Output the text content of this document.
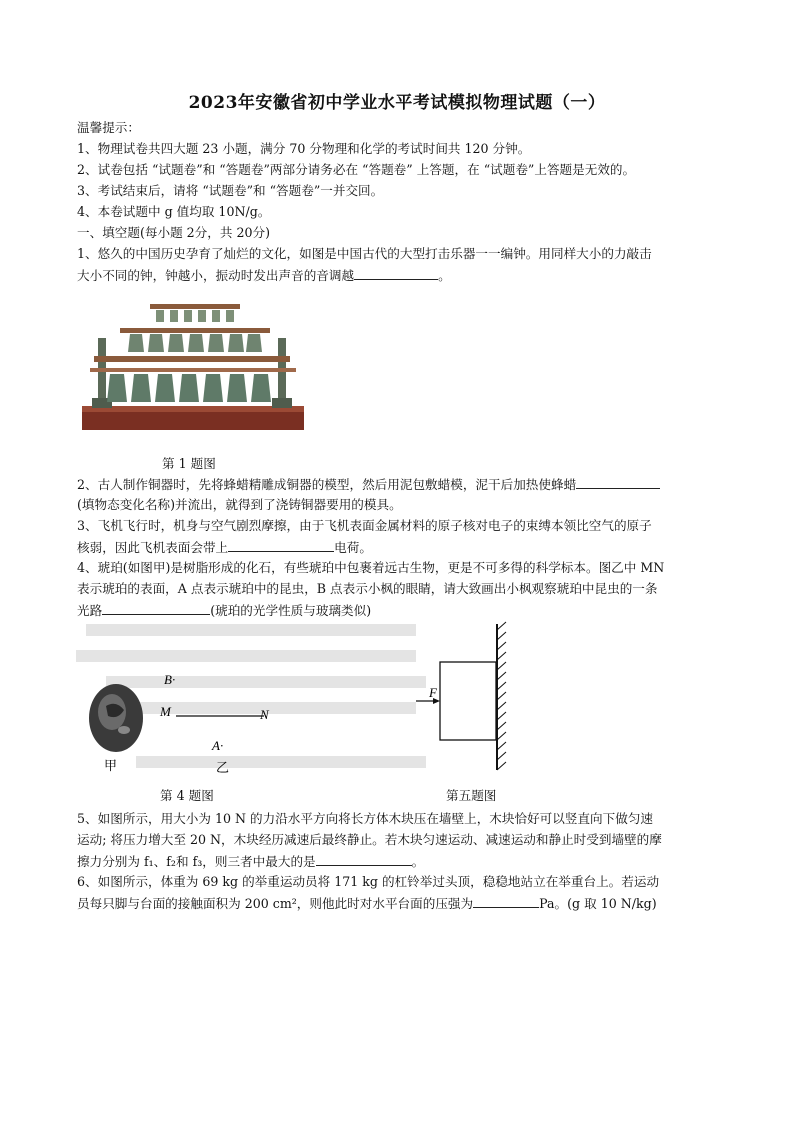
2023年安徽省初中学业水平考试模拟物理试题（一）
温馨提示：
1、物理试卷共四大题 23 小题，满分 70 分物理和化学的考试时间共 120 分钟。
2、试卷包括 “试题卷”和 “答题卷”两部分请务必在 “答题卷” 上答题，在 “试题卷”上答题是无效的。
3、考试结束后，请将 “试题卷”和 “答题卷”一并交回。
4、本卷试题中 g 值均取 10N/g。
一、填空题(每小题 2分，共 20分)
1、悠久的中国历史孕育了灿烂的文化，如图是中国古代的大型打击乐器一一编钟。用同样大小的力敲击
大小不同的钟，钟越小，振动时发出声音的音调越	。
第 1 题图
2、古人制作铜器时，先将蜂蜡精雕成铜器的模型，然后用泥包敷蜡模，泥干后加热使蜂蜡
(填物态变化名称)并流出，就得到了浇铸铜器要用的模具。
3、飞机飞行时，机身与空气剧烈摩擦，由于飞机表面金属材料的原子核对电子的束缚本领比空气的原子
核弱，因此飞机表面会带上	电荷。
4、琥珀(如图甲)是树脂形成的化石，有些琥珀中包裹着远古生物，更是不可多得的科学标本。图乙中 MN
表示琥珀的表面，A 点表示琥珀中的昆虫，B 点表示小枫的眼睛，请大致画出小枫观察琥珀中昆虫的一条
光路	(琥珀的光学性质与玻璃类似)
B·
M	N
A·
甲	乙
F
第 4 题图	第五题图
5、如图所示，用大小为 10 N 的力沿水平方向将长方体木块压在墙壁上，木块恰好可以竖直向下做匀速
运动; 将压力增大至 20 N，木块经历减速后最终静止。若木块匀速运动、减速运动和静止时受到墙壁的摩
擦力分别为 f₁、f₂和 f₃，则三者中最大的是	。
6、如图所示，体重为 69 kg 的举重运动员将 171 kg 的杠铃举过头顶，稳稳地站立在举重台上。若运动
员每只脚与台面的接触面积为 200 cm²，则他此时对水平台面的压强为	Pa。(g 取 10 N/kg)
